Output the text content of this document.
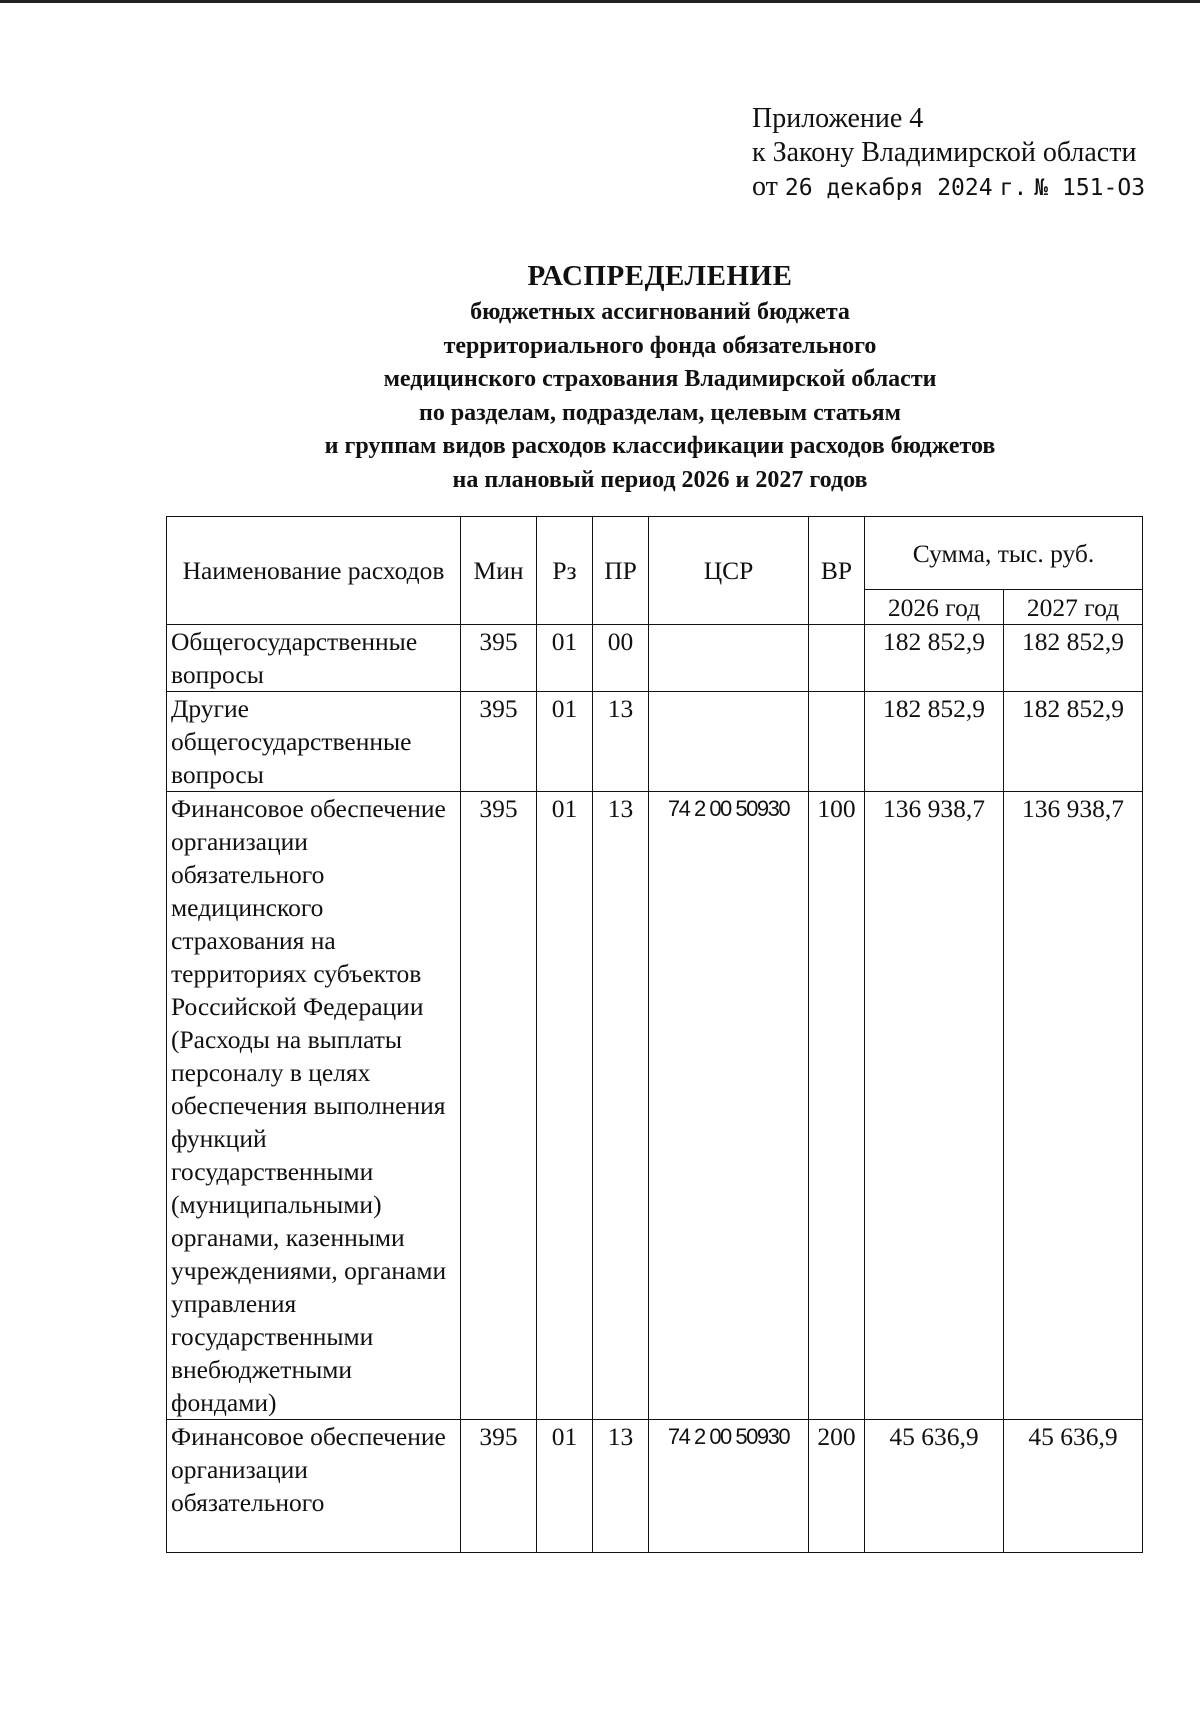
Приложение 4
к Закону Владимирской области
от 26 декабря 2024 г. № 151-ОЗ
РАСПРЕДЕЛЕНИЕ
бюджетных ассигнований бюджета
территориального фонда обязательного
медицинского страхования Владимирской области
по разделам, подразделам, целевым статьям
и группам видов расходов классификации расходов бюджетов
на плановый период 2026 и 2027 годов
Наименование расходов	Мин	Рз	ПР	ЦСР	ВР	Сумма, тыс. руб.	
						2026 год	2027 год
Общегосударственные вопросы	395	01	00			182 852,9	182 852,9
Другие общегосударственные вопросы	395	01	13			182 852,9	182 852,9
Финансовое обеспечение организации обязательного медицинского страхования на территориях субъектов Российской Федерации (Расходы на выплаты персоналу в целях обеспечения выполнения функций государственными (муниципальными) органами, казенными учреждениями, органами управления государственными внебюджетными фондами)	395	01	13	74 2 00 50930	100	136 938,7	136 938,7
Финансовое обеспечение организации обязательного	395	01	13	74 2 00 50930	200	45 636,9	45 636,9
